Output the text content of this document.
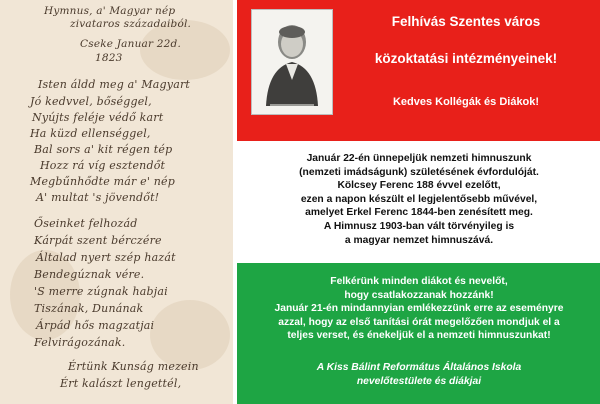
Hymnus, a' Magyar nép
zivataros századaiból.
Cseke Januar 22d.
1823
Isten áldd meg a' Magyart
Jó kedvvel, bőséggel,
Nyújts feléje védő kart
Ha küzd ellenséggel,
Bal sors a' kit régen tép
Hozz rá víg esztendőt
Megbűnhődte már e' nép
A' multat 's jövendőt!
Őseinket felhozád
Kárpát szent bérczére
Általad nyert szép hazát
Bendegúznak vére.
'S merre zúgnak habjai
Tiszának, Dunának
Árpád hős magzatjai
Felvirágozának.
Értünk Kunság mezein
Ért kalászt lengettél,
Felhívás Szentes város
közoktatási intézményeinek!
Kedves Kollégák és Diákok!
Január 22-én ünnepeljük nemzeti himnuszunk
(nemzeti imádságunk) születésének évfordulóját.
Kölcsey Ferenc 188 évvel ezelőtt,
ezen a napon készült el legjelentősebb művével,
amelyet Erkel Ferenc 1844-ben zenésített meg.
A Himnusz 1903-ban vált törvényileg is
a magyar nemzet himnuszává.
Felkérünk minden diákot és nevelőt,
hogy csatlakozzanak hozzánk!
Január 21-én mindannyian emlékezzünk erre az eseményre
azzal, hogy az első tanítási órát megelőzően mondjuk el a
teljes verset, és énekeljük el a nemzeti himnuszunkat!
A Kiss Bálint Református Általános Iskola
nevelőtestülete és diákjai
